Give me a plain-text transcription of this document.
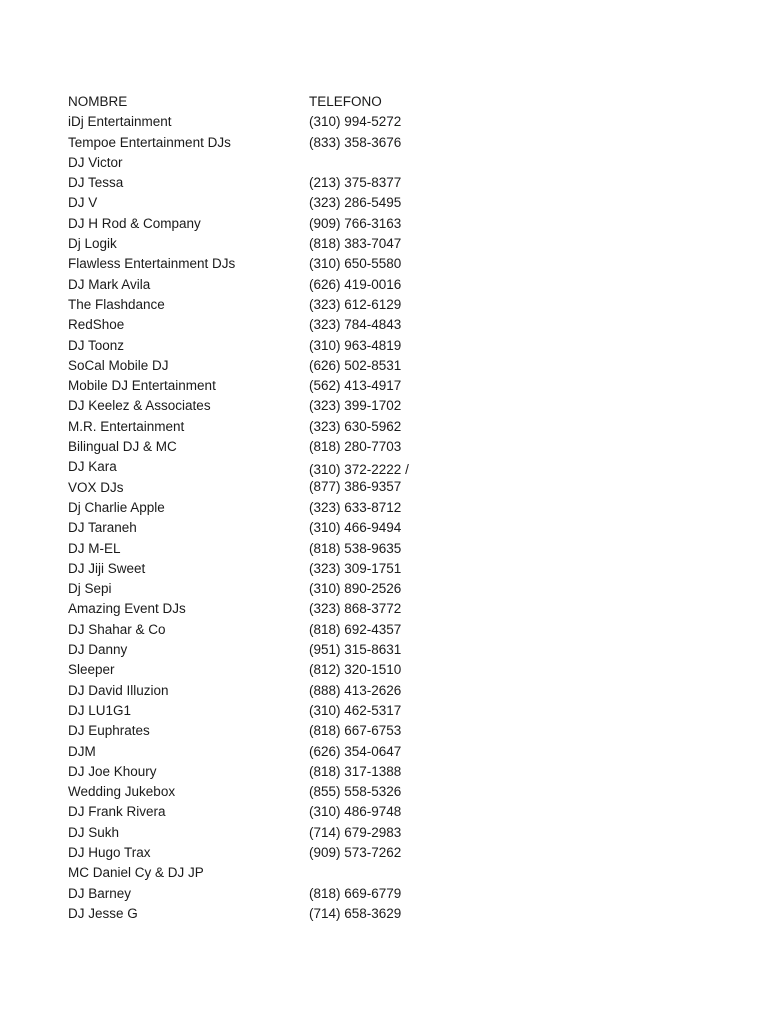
NOMBRE	TELEFONO
iDj Entertainment	(310) 994-5272
Tempoe Entertainment DJs	(833) 358-3676
DJ Victor
DJ Tessa	(213) 375-8377
DJ V	(323) 286-5495
DJ H Rod & Company	(909) 766-3163
Dj Logik	(818) 383-7047
Flawless Entertainment DJs	(310) 650-5580
DJ Mark Avila	(626) 419-0016
The Flashdance	(323) 612-6129
RedShoe	(323) 784-4843
DJ Toonz	(310) 963-4819
SoCal Mobile DJ	(626) 502-8531
Mobile DJ Entertainment	(562) 413-4917
DJ Keelez & Associates	(323) 399-1702
M.R. Entertainment	(323) 630-5962
Bilingual DJ & MC	(818) 280-7703
DJ Kara	(310) 372-2222 /
VOX DJs	(877) 386-9357
Dj Charlie Apple	(323) 633-8712
DJ Taraneh	(310) 466-9494
DJ M-EL	(818) 538-9635
DJ Jiji Sweet	(323) 309-1751
Dj Sepi	(310) 890-2526
Amazing Event DJs	(323) 868-3772
DJ Shahar & Co	(818) 692-4357
DJ Danny	(951) 315-8631
Sleeper	(812) 320-1510
DJ David Illuzion	(888) 413-2626
DJ LU1G1	(310) 462-5317
DJ Euphrates	(818) 667-6753
DJM	(626) 354-0647
DJ Joe Khoury	(818) 317-1388
Wedding Jukebox	(855) 558-5326
DJ Frank Rivera	(310) 486-9748
DJ Sukh	(714) 679-2983
DJ Hugo Trax	(909) 573-7262
MC Daniel Cy & DJ JP
DJ Barney	(818) 669-6779
DJ Jesse G	(714) 658-3629
